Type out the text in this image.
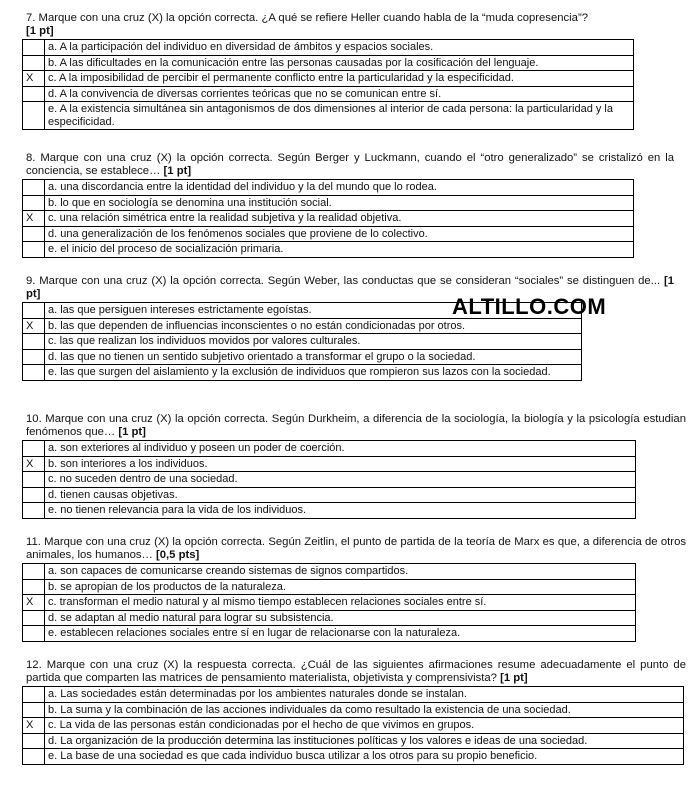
7. Marque con una cruz (X) la opción correcta. ¿A qué se refiere Heller cuando habla de la “muda copresencia”?
[1 pt]

	a. A la participación del individuo en diversidad de ámbitos y espacios sociales.
	b. A las dificultades en la comunicación entre las personas causadas por la cosificación del lenguaje.
X	c. A la imposibilidad de percibir el permanente conflicto entre la particularidad y la especificidad.
	d. A la convivencia de diversas corrientes teóricas que no se comunican entre sí.
	e. A la existencia simultánea sin antagonismos de dos dimensiones al interior de cada persona: la particularidad y la especificidad.

8. Marque con una cruz (X) la opción correcta. Según Berger y Luckmann, cuando el “otro generalizado” se cristalizó en la conciencia, se establece… [1 pt]

	a. una discordancia entre la identidad del individuo y la del mundo que lo rodea.
	b. lo que en sociología se denomina una institución social.
X	c. una relación simétrica entre la realidad subjetiva y la realidad objetiva.
	d. una generalización de los fenómenos sociales que proviene de lo colectivo.
	e. el inicio del proceso de socialización primaria.

9. Marque con una cruz (X) la opción correcta. Según Weber, las conductas que se consideran “sociales” se distinguen de... [1 pt]

	a. las que persiguen intereses estrictamente egoístas.
X	b. las que dependen de influencias inconscientes o no están condicionadas por otros.
	c. las que realizan los individuos movidos por valores culturales.
	d. las que no tienen un sentido subjetivo orientado a transformar el grupo o la sociedad.
	e. las que surgen del aislamiento y la exclusión de individuos que rompieron sus lazos con la sociedad.
ALTILLO.COM

10. Marque con una cruz (X) la opción correcta. Según Durkheim, a diferencia de la sociología, la biología y la psicología estudian fenómenos que… [1 pt]

	a. son exteriores al individuo y poseen un poder de coerción.
X	b. son interiores a los individuos.
	c. no suceden dentro de una sociedad.
	d. tienen causas objetivas.
	e. no tienen relevancia para la vida de los individuos.

11. Marque con una cruz (X) la opción correcta. Según Zeitlin, el punto de partida de la teoría de Marx es que, a diferencia de otros animales, los humanos… [0,5 pts]

	a. son capaces de comunicarse creando sistemas de signos compartidos.
	b. se apropian de los productos de la naturaleza.
X	c. transforman el medio natural y al mismo tiempo establecen relaciones sociales entre sí.
	d. se adaptan al medio natural para lograr su subsistencia.
	e. establecen relaciones sociales entre sí en lugar de relacionarse con la naturaleza.

12. Marque con una cruz (X) la respuesta correcta. ¿Cuál de las siguientes afirmaciones resume adecuadamente el punto de partida que comparten las matrices de pensamiento materialista, objetivista y comprensivista? [1 pt]

	a. Las sociedades están determinadas por los ambientes naturales donde se instalan.
	b. La suma y la combinación de las acciones individuales da como resultado la existencia de una sociedad.
X	c. La vida de las personas están condicionadas por el hecho de que vivimos en grupos.
	d. La organización de la producción determina las instituciones políticas y los valores e ideas de una sociedad.
	e. La base de una sociedad es que cada individuo busca utilizar a los otros para su propio beneficio.
